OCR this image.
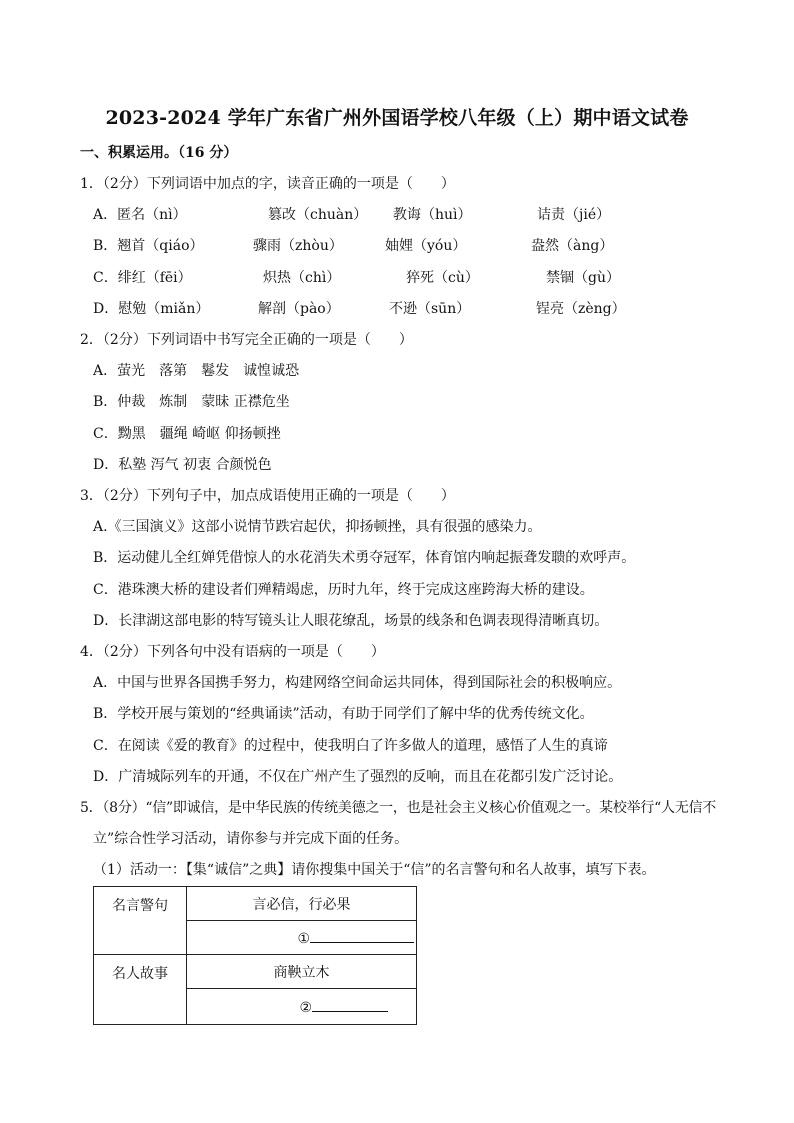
2023-2024 学年广东省广州外国语学校八年级（上）期中语文试卷
一、积累运用。（16 分）
1．（2分）下列词语中加点的字，读音正确的一项是（　　）
A．匿名（nì）	篡改（chuàn） 教诲（huì）	诘责（jié）
B．翘首（qiáo）	骤雨（zhòu）	妯娌（yóu）	盎然（àng）
C．绯红（fēi）	炽热（chì）	猝死（cù）	禁锢（gù）
D．慰勉（miǎn）	解剖（pào）	不逊（sūn）	锃亮（zèng）
2．（2分）下列词语中书写完全正确的一项是（　　）
A．萤光　落第　鬈发　诚惶诚恐
B．仲裁　炼制　蒙昧 正襟危坐
C．黝黑　疆绳 崎岖 仰扬顿挫
D．私塾 泻气 初衷 合颜悦色
3．（2分）下列句子中，加点成语使用正确的一项是（　　）
A.《三国演义》这部小说情节跌宕起伏，抑扬顿挫，具有很强的感染力。
B．运动健儿全红婵凭借惊人的水花消失术勇夺冠军，体育馆内响起振聋发聩的欢呼声。
C．港珠澳大桥的建设者们殚精竭虑，历时九年，终于完成这座跨海大桥的建设。
D．长津湖这部电影的特写镜头让人眼花缭乱，场景的线条和色调表现得清晰真切。
4．（2分）下列各句中没有语病的一项是（　　）
A．中国与世界各国携手努力，构建网络空间命运共同体，得到国际社会的积极响应。
B．学校开展与策划的“经典诵读”活动，有助于同学们了解中华的优秀传统文化。
C．在阅读《爱的教育》的过程中，使我明白了许多做人的道理，感悟了人生的真谛
D．广清城际列车的开通，不仅在广州产生了强烈的反响，而且在花都引发广泛讨论。
5．（8分）“信”即诚信，是中华民族的传统美德之一，也是社会主义核心价值观之一。某校举行“人无信不
立”综合性学习活动，请你参与并完成下面的任务。
（1）活动一：【集“诚信”之典】请你搜集中国关于“信”的名言警句和名人故事，填写下表。
名言警句	言必信，行必果
	①
名人故事	商鞅立木
	②
